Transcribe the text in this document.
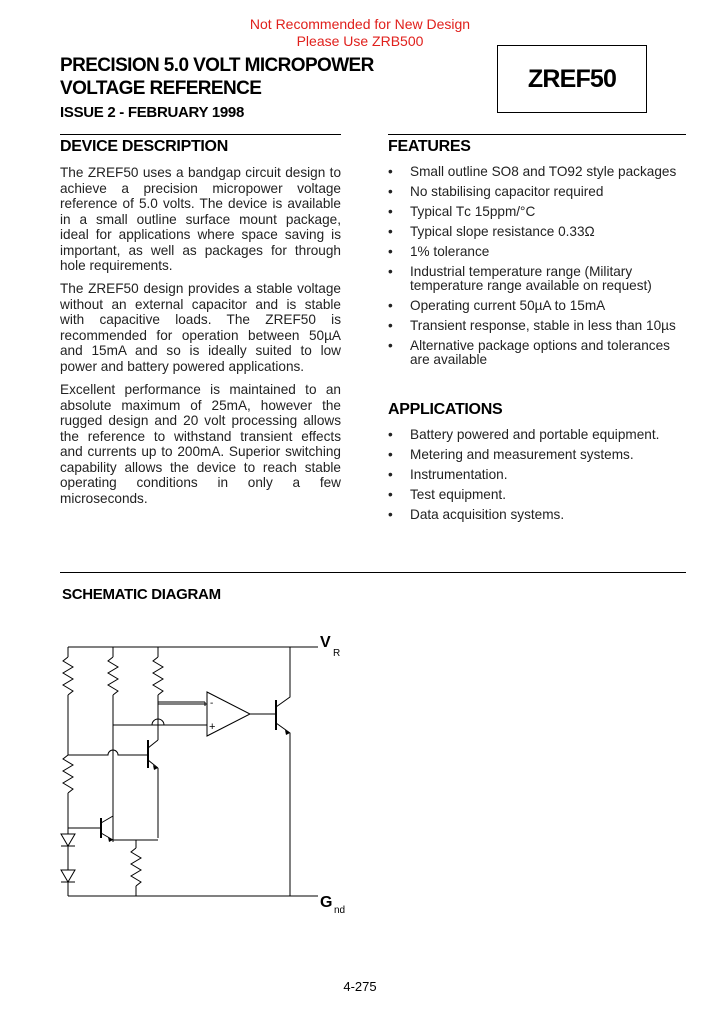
Not Recommended for New Design
Please Use ZRB500
PRECISION 5.0 VOLT MICROPOWER
VOLTAGE REFERENCE
ISSUE 2 - FEBRUARY 1998
ZREF50
DEVICE DESCRIPTION
The ZREF50 uses a bandgap circuit design to achieve a precision micropower voltage reference of 5.0 volts. The device is available in a small outline surface mount package, ideal for applications where space saving is important, as well as packages for through hole requirements.
The ZREF50 design provides a stable voltage without an external capacitor and is stable with capacitive loads. The ZREF50 is recommended for operation between 50µA and 15mA and so is ideally suited to low power and battery powered applications.
Excellent performance is maintained to an absolute maximum of 25mA, however the rugged design and 20 volt processing allows the reference to withstand transient effects and currents up to 200mA. Superior switching capability allows the device to reach stable operating conditions in only a few microseconds.
FEATURES
• Small outline SO8 and TO92 style packages
• No stabilising capacitor required
• Typical Tᴄ 15ppm/°C
• Typical slope resistance 0.33Ω
• 1% tolerance
• Industrial temperature range (Military temperature range available on request)
• Operating current 50µA to 15mA
• Transient response, stable in less than 10µs
• Alternative package options and tolerances are available
APPLICATIONS
• Battery powered and portable equipment.
• Metering and measurement systems.
• Instrumentation.
• Test equipment.
• Data acquisition systems.
SCHEMATIC DIAGRAM
-
+
V
R
G nd
4-275
